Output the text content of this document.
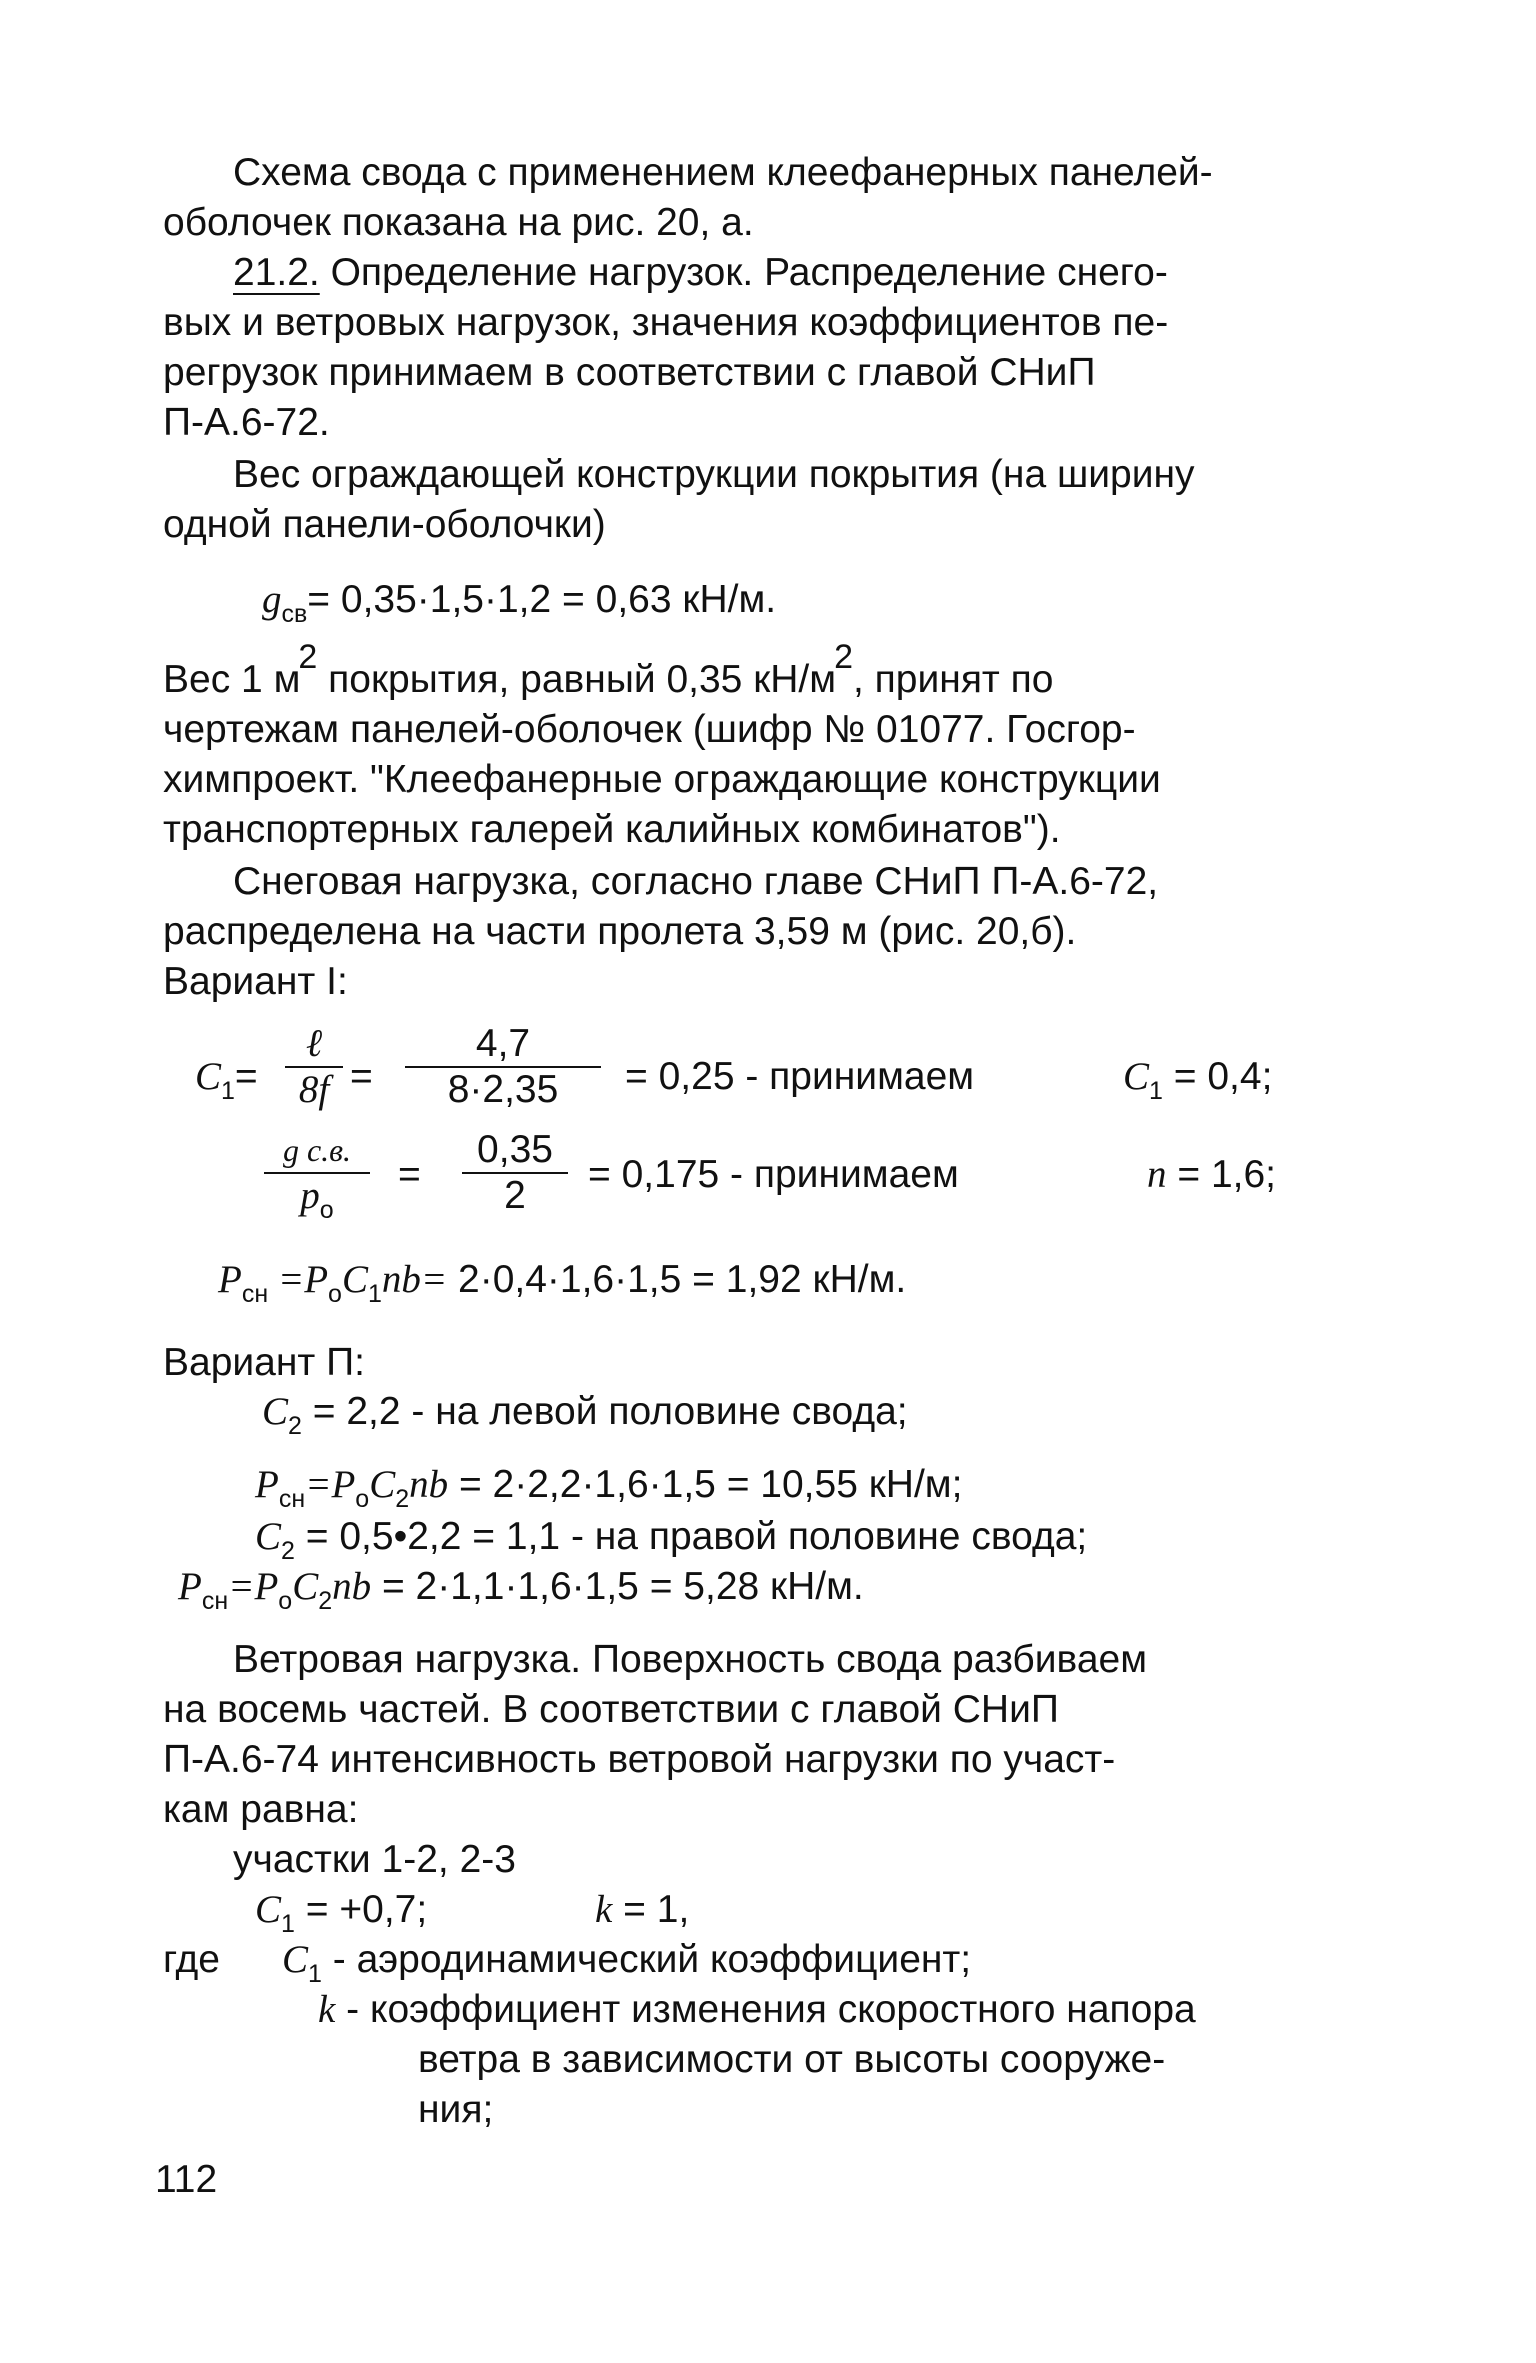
Схема свода с применением клеефанерных панелей-
оболочек показана на рис. 20, а.
21.2. Определение нагрузок. Распределение снего-
вых и ветровых нагрузок, значения коэффициентов пе-
регрузок принимаем в соответствии с главой СНиП
П-А.6-72.
Вес ограждающей конструкции покрытия (на ширину
одной панели-оболочки)
$g_{св}= 0,35\cdot 1,5\cdot 1,2 = 0,63$ кН/м.
Вес 1 м2 покрытия, равный 0,35 кН/м2, принят по
чертежам панелей-оболочек (шифр № 01077. Госгор-
химпроект. "Клеефанерные ограждающие конструкции
транспортерных галерей калийных комбинатов").
Снеговая нагрузка, согласно главе СНиП П-А.6-72,
распределена на части пролета 3,59 м (рис. 20,б).
Вариант I:
$C_1=$
ℓ
8f =
4,7
8·2,35	= 0,25 - принимаем	$C_1 = 0,4$;
g c.в.
$p_o$
=
0,35
2	= 0,175 - принимаем	n = 1,6;
$P_{сн} =P_oC_1nb= 2\cdot 0,4\cdot 1,6\cdot 1,5 = 1,92$ кН/м.
Вариант П:
$C_2 = 2,2$ - на левой половине свода;
$P_{сн}=P_oC_2nb = 2\cdot 2,2\cdot 1,6\cdot 1,5 = 10,55$ кН/м;
$C_2$ = 0,5•2,2 = 1,1 - на правой половине свода;
$P_{сн}=P_oC_2nb = 2\cdot 1,1\cdot 1,6\cdot 1,5 = 5,28$ кН/м.
Ветровая нагрузка. Поверхность свода разбиваем
на восемь частей. В соответствии с главой СНиП
П-А.6-74 интенсивность ветровой нагрузки по участ-
кам равна:
участки 1-2, 2-3
$C_1 = +0,7$;	k = 1,
где $C_1$ - аэродинамический коэффициент;
k - коэффициент изменения скоростного напора
ветра в зависимости от высоты сооруже-
ния;
112
